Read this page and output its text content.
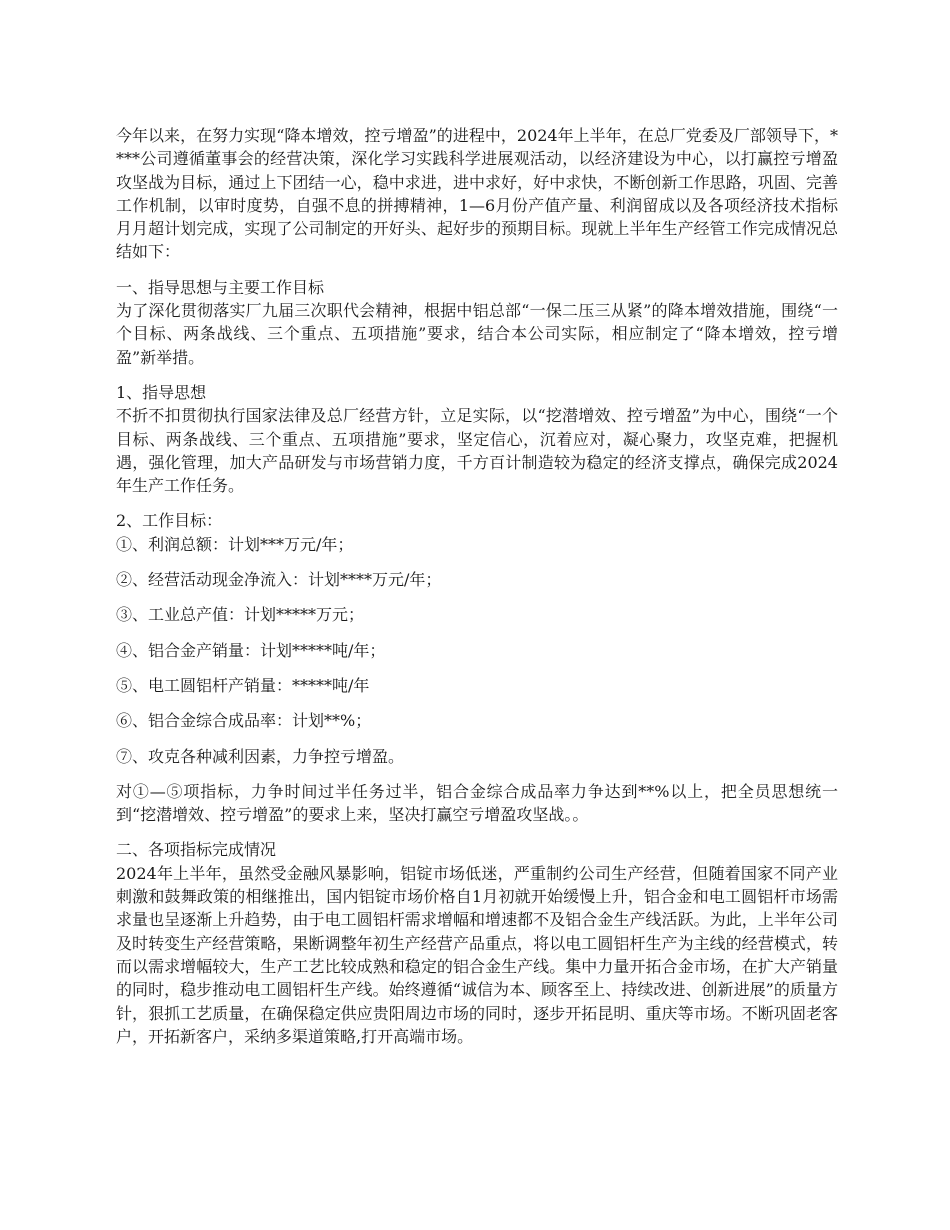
今年以来，在努力实现“降本增效，控亏增盈”的进程中，2024年上半年，在总厂党委及厂部领导下，****公司遵循董事会的经营决策，深化学习实践科学进展观活动，以经济建设为中心，以打赢控亏增盈攻坚战为目标，通过上下团结一心，稳中求进，进中求好，好中求快，不断创新工作思路，巩固、完善工作机制，以审时度势，自强不息的拼搏精神，1—6月份产值产量、利润留成以及各项经济技术指标月月超计划完成，实现了公司制定的开好头、起好步的预期目标。现就上半年生产经管工作完成情况总结如下：

一、指导思想与主要工作目标

为了深化贯彻落实厂九届三次职代会精神，根据中铝总部“一保二压三从紧”的降本增效措施，围绕“一个目标、两条战线、三个重点、五项措施”要求，结合本公司实际，相应制定了“降本增效，控亏增盈”新举措。

1、指导思想

不折不扣贯彻执行国家法律及总厂经营方针，立足实际，以“挖潜增效、控亏增盈”为中心，围绕“一个目标、两条战线、三个重点、五项措施”要求，坚定信心，沉着应对，凝心聚力，攻坚克难，把握机遇，强化管理，加大产品研发与市场营销力度，千方百计制造较为稳定的经济支撑点，确保完成2024年生产工作任务。

2、工作目标：

①、利润总额：计划***万元/年；

②、经营活动现金净流入：计划****万元/年；

③、工业总产值：计划*****万元；

④、铝合金产销量：计划*****吨/年；

⑤、电工圆铝杆产销量：*****吨/年

⑥、铝合金综合成品率：计划**%；

⑦、攻克各种减利因素，力争控亏增盈。

对①—⑤项指标，力争时间过半任务过半，铝合金综合成品率力争达到**%以上，把全员思想统一到“挖潜增效、控亏增盈”的要求上来，坚决打赢空亏增盈攻坚战。。

二、各项指标完成情况

2024年上半年，虽然受金融风暴影响，铝锭市场低迷，严重制约公司生产经营，但随着国家不同产业刺激和鼓舞政策的相继推出，国内铝锭市场价格自1月初就开始缓慢上升，铝合金和电工圆铝杆市场需求量也呈逐渐上升趋势，由于电工圆铝杆需求增幅和增速都不及铝合金生产线活跃。为此，上半年公司及时转变生产经营策略，果断调整年初生产经营产品重点，将以电工圆铝杆生产为主线的经营模式，转而以需求增幅较大，生产工艺比较成熟和稳定的铝合金生产线。集中力量开拓合金市场，在扩大产销量的同时，稳步推动电工圆铝杆生产线。始终遵循“诚信为本、顾客至上、持续改进、创新进展”的质量方针，狠抓工艺质量，在确保稳定供应贵阳周边市场的同时，逐步开拓昆明、重庆等市场。不断巩固老客户，开拓新客户，采纳多渠道策略,打开高端市场。
